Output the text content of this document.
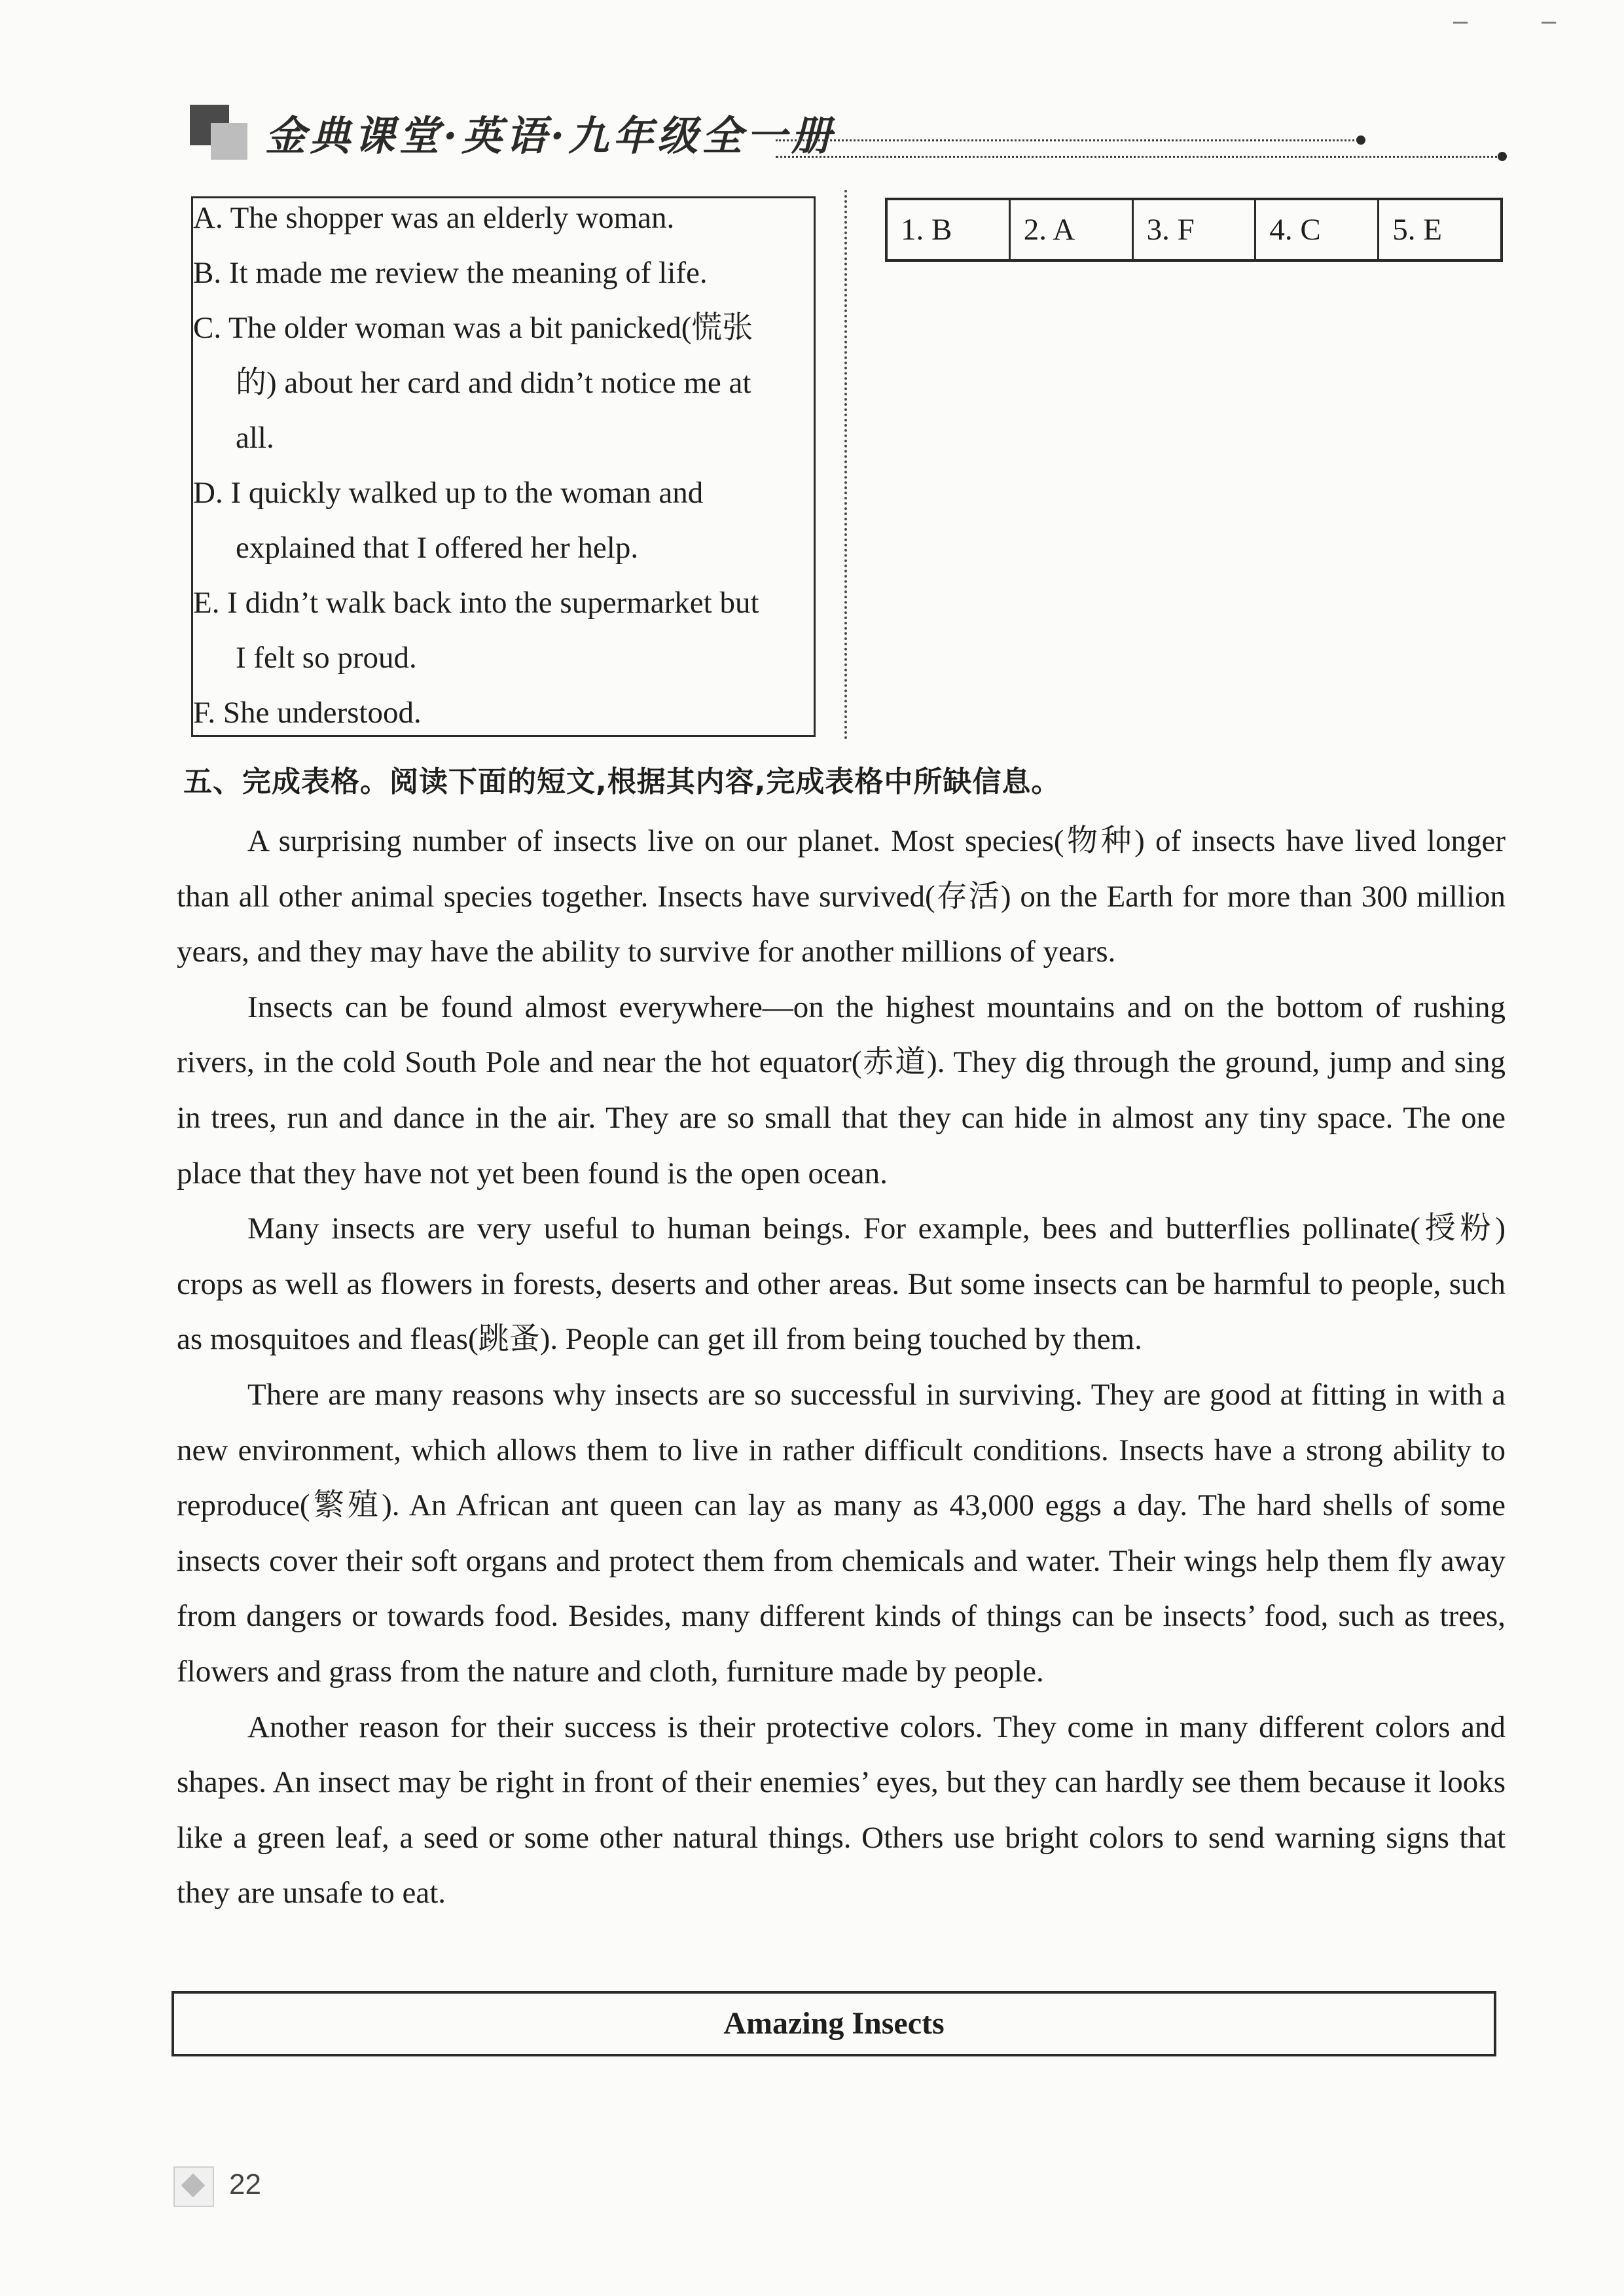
–	–
金典课堂·英语·九年级全一册
A. The shopper was an elderly woman.
B. It made me review the meaning of life.
C. The older woman was a bit panicked(慌张
的) about her card and didn’t notice me at
all.
D. I quickly walked up to the woman and
explained that I offered her help.
E. I didn’t walk back into the supermarket but
I felt so proud.
F. She understood.
1. B	2. A	3. F	4. C	5. E
五、完成表格。阅读下面的短文,根据其内容,完成表格中所缺信息。

A surprising number of insects live on our planet. Most species(物种) of insects have lived longer than all other animal species together. Insects have survived(存活) on the Earth for more than 300 million years, and they may have the ability to survive for another millions of years.

Insects can be found almost everywhere—on the highest mountains and on the bottom of rushing rivers, in the cold South Pole and near the hot equator(赤道). They dig through the ground, jump and sing in trees, run and dance in the air. They are so small that they can hide in almost any tiny space. The one place that they have not yet been found is the open ocean.

Many insects are very useful to human beings. For example, bees and butterflies pollinate(授粉) crops as well as flowers in forests, deserts and other areas. But some insects can be harmful to people, such as mosquitoes and fleas(跳蚤). People can get ill from being touched by them.

There are many reasons why insects are so successful in surviving. They are good at fitting in with a new environment, which allows them to live in rather difficult conditions. Insects have a strong ability to reproduce(繁殖). An African ant queen can lay as many as 43,000 eggs a day. The hard shells of some insects cover their soft organs and protect them from chemicals and water. Their wings help them fly away from dangers or towards food. Besides, many different kinds of things can be insects’ food, such as trees, flowers and grass from the nature and cloth, furniture made by people.

Another reason for their success is their protective colors. They come in many different colors and shapes. An insect may be right in front of their enemies’ eyes, but they can hardly see them because it looks like a green leaf, a seed or some other natural things. Others use bright colors to send warning signs that they are unsafe to eat.

Amazing Insects
22
